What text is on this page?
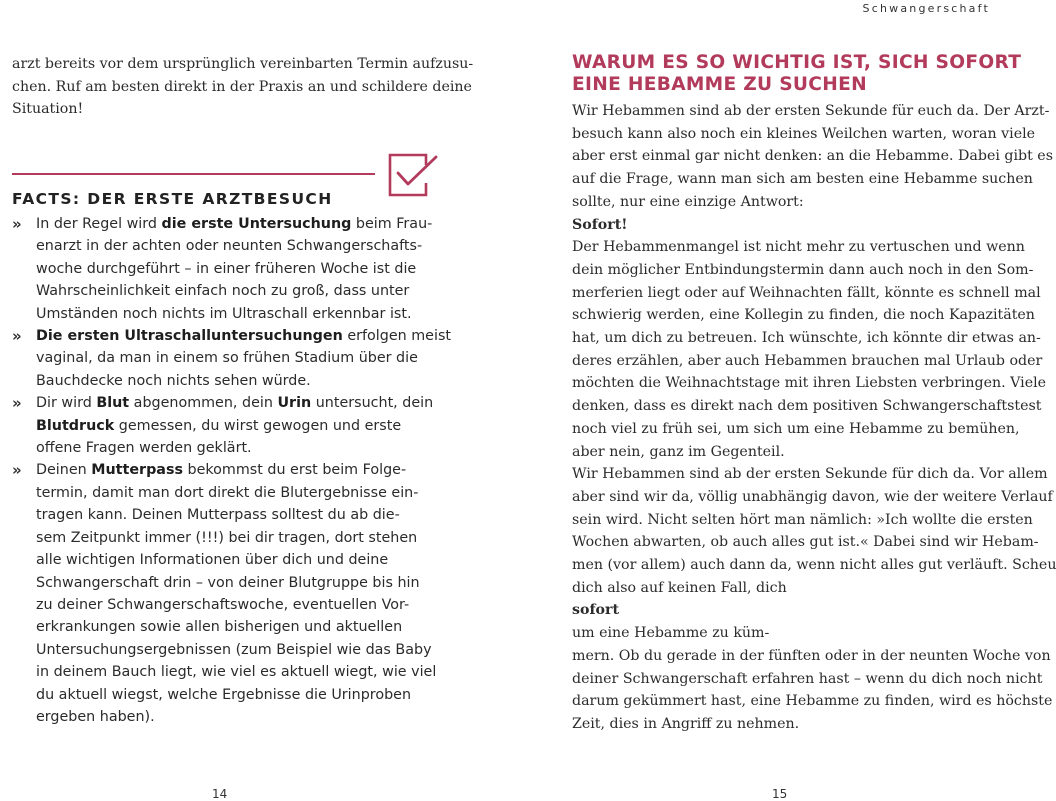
Schwangerschaft

arzt bereits vor dem ursprünglich vereinbarten Termin aufzusu-
chen. Ruf am besten direkt in der Praxis an und schildere deine
Situation!

FACTS: DER ERSTE ARZTBESUCH
» In der Regel wird die erste Untersuchung beim Frau-
enarzt in der achten oder neunten Schwangerschafts-
woche durchgeführt – in einer früheren Woche ist die
Wahrscheinlichkeit einfach noch zu groß, dass unter
Umständen noch nichts im Ultraschall erkennbar ist.
» Die ersten Ultraschalluntersuchungen erfolgen meist
vaginal, da man in einem so frühen Stadium über die
Bauchdecke noch nichts sehen würde.
» Dir wird Blut abgenommen, dein Urin untersucht, dein
Blutdruck gemessen, du wirst gewogen und erste
offene Fragen werden geklärt.
» Deinen Mutterpass bekommst du erst beim Folge-
termin, damit man dort direkt die Blutergebnisse ein-
tragen kann. Deinen Mutterpass solltest du ab die-
sem Zeitpunkt immer (!!!) bei dir tragen, dort stehen
alle wichtigen Informationen über dich und deine
Schwangerschaft drin – von deiner Blutgruppe bis hin
zu deiner Schwangerschaftswoche, eventuellen Vor-
erkrankungen sowie allen bisherigen und aktuellen
Untersuchungsergebnissen (zum Beispiel wie das Baby
in deinem Bauch liegt, wie viel es aktuell wiegt, wie viel
du aktuell wiegst, welche Ergebnisse die Urinproben
ergeben haben).
14
WARUM ES SO WICHTIG IST, SICH SOFORT
EINE HEBAMME ZU SUCHEN

Wir Hebammen sind ab der ersten Sekunde für euch da. Der Arzt-
besuch kann also noch ein kleines Weilchen warten, woran viele
aber erst einmal gar nicht denken: an die Hebamme. Dabei gibt es
auf die Frage, wann man sich am besten eine Hebamme suchen
sollte, nur eine einzige Antwort:
Sofort!
Der Hebammenmangel ist nicht mehr zu vertuschen und wenn
dein möglicher Entbindungstermin dann auch noch in den Som-
merferien liegt oder auf Weihnachten fällt, könnte es schnell mal
schwierig werden, eine Kollegin zu finden, die noch Kapazitäten
hat, um dich zu betreuen. Ich wünschte, ich könnte dir etwas an-
deres erzählen, aber auch Hebammen brauchen mal Urlaub oder
möchten die Weihnachtstage mit ihren Liebsten verbringen. Viele
denken, dass es direkt nach dem positiven Schwangerschaftstest
noch viel zu früh sei, um sich um eine Hebamme zu bemühen,
aber nein, ganz im Gegenteil.
Wir Hebammen sind ab der ersten Sekunde für dich da. Vor allem
aber sind wir da, völlig unabhängig davon, wie der weitere Verlauf
sein wird. Nicht selten hört man nämlich: »Ich wollte die ersten
Wochen abwarten, ob auch alles gut ist.« Dabei sind wir Hebam-
men (vor allem) auch dann da, wenn nicht alles gut verläuft. Scheu
dich also auf keinen Fall, dich
sofort
um eine Hebamme zu küm-
mern. Ob du gerade in der fünften oder in der neunten Woche von
deiner Schwangerschaft erfahren hast – wenn du dich noch nicht
darum gekümmert hast, eine Hebamme zu finden, wird es höchste
Zeit, dies in Angriff zu nehmen.

15
